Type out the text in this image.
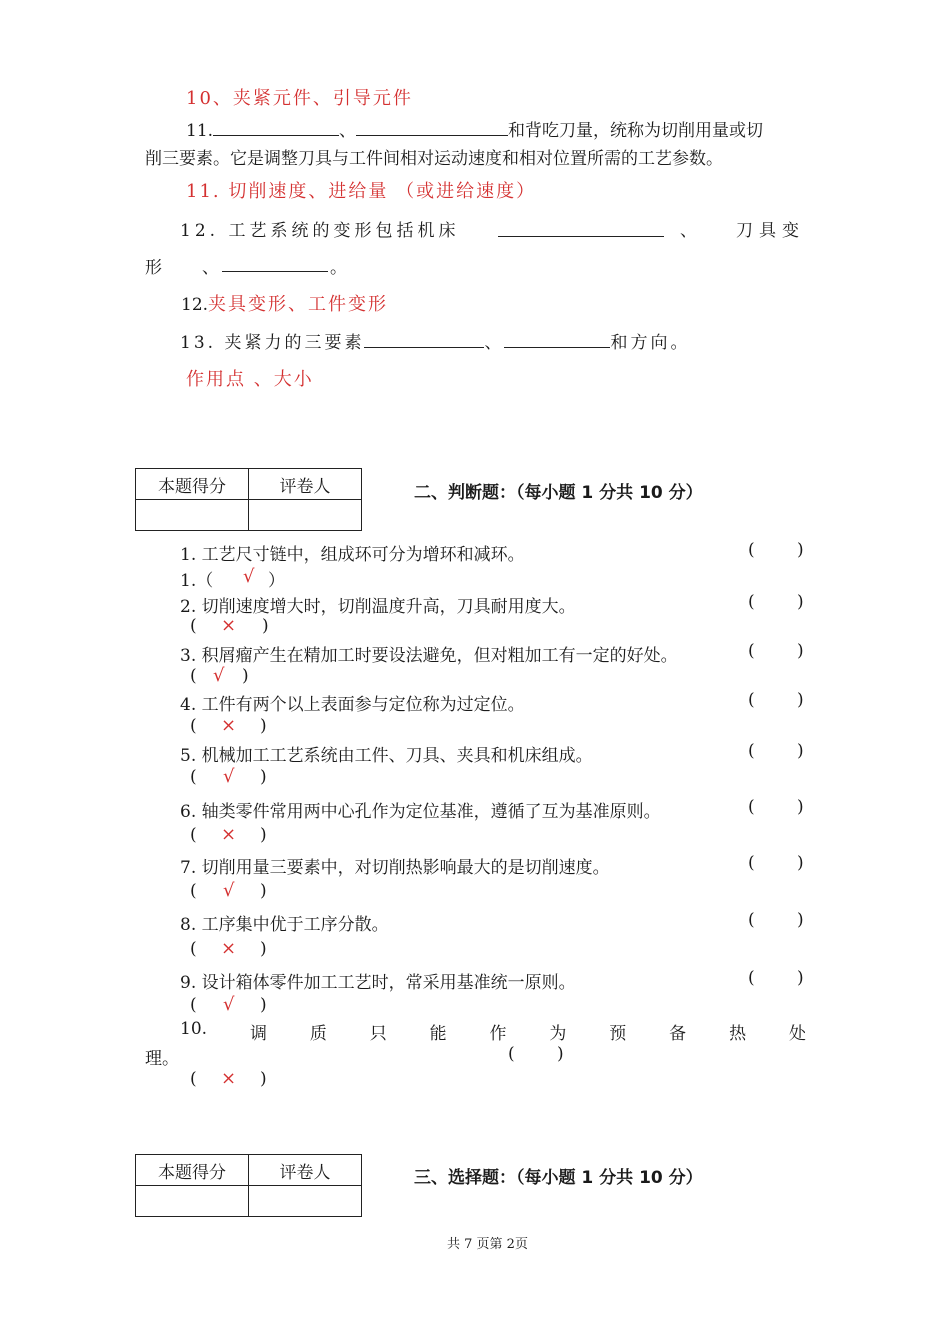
10、夹紧元件、引导元件
11.	、	和背吃刀量，统称为切削用量或切
削三要素。它是调整刀具与工件间相对运动速度和相对位置所需的工艺参数。
11. 切削速度、进给量 （或进给速度）
12. 工艺系统的变形包括机床	、 刀具变
形 、	。
12.夹具变形、工件变形
13. 夹紧力的三要素	、	和方向。
作用点 、大小
本题得分	评卷人
		二、判断题：（每小题 1 分共 10 分）
1. 工艺尺寸链中，组成环可分为增环和减环。	( )
1.（ √ ）
2. 切削速度增大时，切削温度升高，刀具耐用度大。	( )
( × )
3. 积屑瘤产生在精加工时要设法避免，但对粗加工有一定的好处。	( )
( √ )
4. 工件有两个以上表面参与定位称为过定位。	( )
( × )
5. 机械加工工艺系统由工件、刀具、夹具和机床组成。	( )
( √ )
6. 轴类零件常用两中心孔作为定位基准，遵循了互为基准原则。	( )
( × )
7. 切削用量三要素中，对切削热影响最大的是切削速度。	( )
( √ )
8. 工序集中优于工序分散。	( )
( × )
9. 设计箱体零件加工工艺时，常采用基准统一原则。	( )
( √ )
10.	调	质	只	能	作	为	预	备	热	处
理。	( )
( × )
本题得分	评卷人
		三、选择题：（每小题 1 分共 10 分）
共 7 页第 2页
